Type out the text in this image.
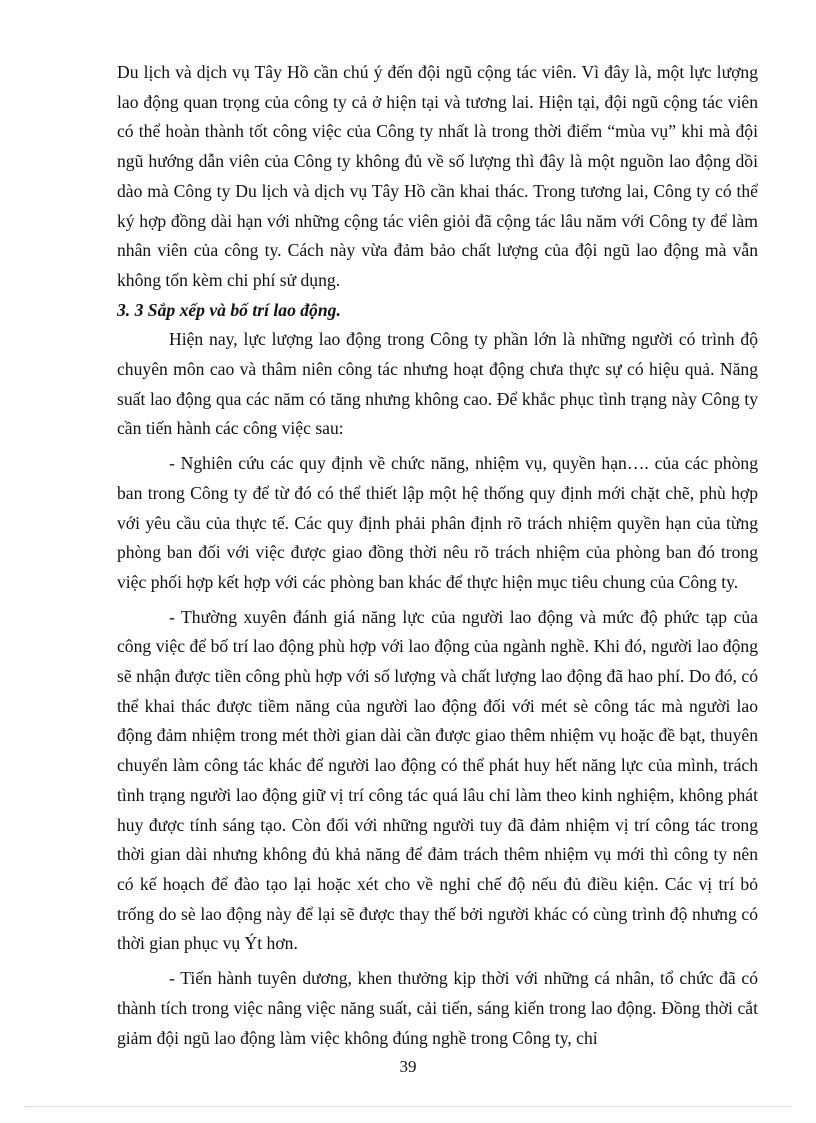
Du lịch và dịch vụ Tây Hồ cần chú ý đến đội ngũ cộng tác viên. Vì đây là, một lực lượng lao động quan trọng của công ty cả ở hiện tại và tương lai. Hiện tại, đội ngũ cộng tác viên có thể hoàn thành tốt công việc của Công ty nhất là trong thời điểm “mùa vụ” khi mà đội ngũ hướng dẫn viên của Công ty không đủ về số lượng thì đây là một nguồn lao động dồi dào mà Công ty Du lịch và dịch vụ Tây Hồ cần khai thác. Trong tương lai, Công ty có thể ký hợp đồng dài hạn với những cộng tác viên giỏi đã cộng tác lâu năm với Công ty để làm nhân viên của công ty. Cách này vừa đảm bảo chất lượng của đội ngũ lao động mà vẫn không tốn kèm chi phí sử dụng.

3. 3 Sắp xếp và bố trí lao động.

Hiện nay, lực lượng lao động trong Công ty phần lớn là những người có trình độ chuyên môn cao và thâm niên công tác nhưng hoạt động chưa thực sự có hiệu quả. Năng suất lao động qua các năm có tăng nhưng không cao. Để khắc phục tình trạng này Công ty cần tiến hành các công việc sau:

- Nghiên cứu các quy định về chức năng, nhiệm vụ, quyền hạn…. của các phòng ban trong Công ty để từ đó có thể thiết lập một hệ thống quy định mới chặt chẽ, phù hợp với yêu cầu của thực tế. Các quy định phải phân định rõ trách nhiệm quyền hạn của từng phòng ban đối với việc được giao đồng thời nêu rõ trách nhiệm của phòng ban đó trong việc phối hợp kết hợp với các phòng ban khác để thực hiện mục tiêu chung của Công ty.

- Thường xuyên đánh giá năng lực của người lao động và mức độ phức tạp của công việc để bố trí lao động phù hợp với lao động của ngành nghề. Khi đó, người lao động sẽ nhận được tiền công phù hợp với số lượng và chất lượng lao động đã hao phí. Do đó, có thể khai thác được tiềm năng của người lao động đối với mét sè công tác mà người lao động đảm nhiệm trong mét thời gian dài cần được giao thêm nhiệm vụ hoặc đề bạt, thuyên chuyển làm công tác khác để người lao động có thể phát huy hết năng lực của mình, trách tình trạng người lao động giữ vị trí công tác quá lâu chỉ làm theo kinh nghiệm, không phát huy được tính sáng tạo. Còn đối với những người tuy đã đảm nhiệm vị trí công tác trong thời gian dài nhưng không đủ khả năng để đảm trách thêm nhiệm vụ mới thì công ty nên có kế hoạch để đào tạo lại hoặc xét cho về nghỉ chế độ nếu đủ điều kiện. Các vị trí bỏ trống do sè lao động này để lại sẽ được thay thế bởi người khác có cùng trình độ nhưng có thời gian phục vụ Ýt hơn.

- Tiến hành tuyên dương, khen thưởng kịp thời với những cá nhân, tổ chức đã có thành tích trong việc nâng việc năng suất, cải tiến, sáng kiến trong lao động. Đồng thời cắt giảm đội ngũ lao động làm việc không đúng nghề trong Công ty, chỉ

39
